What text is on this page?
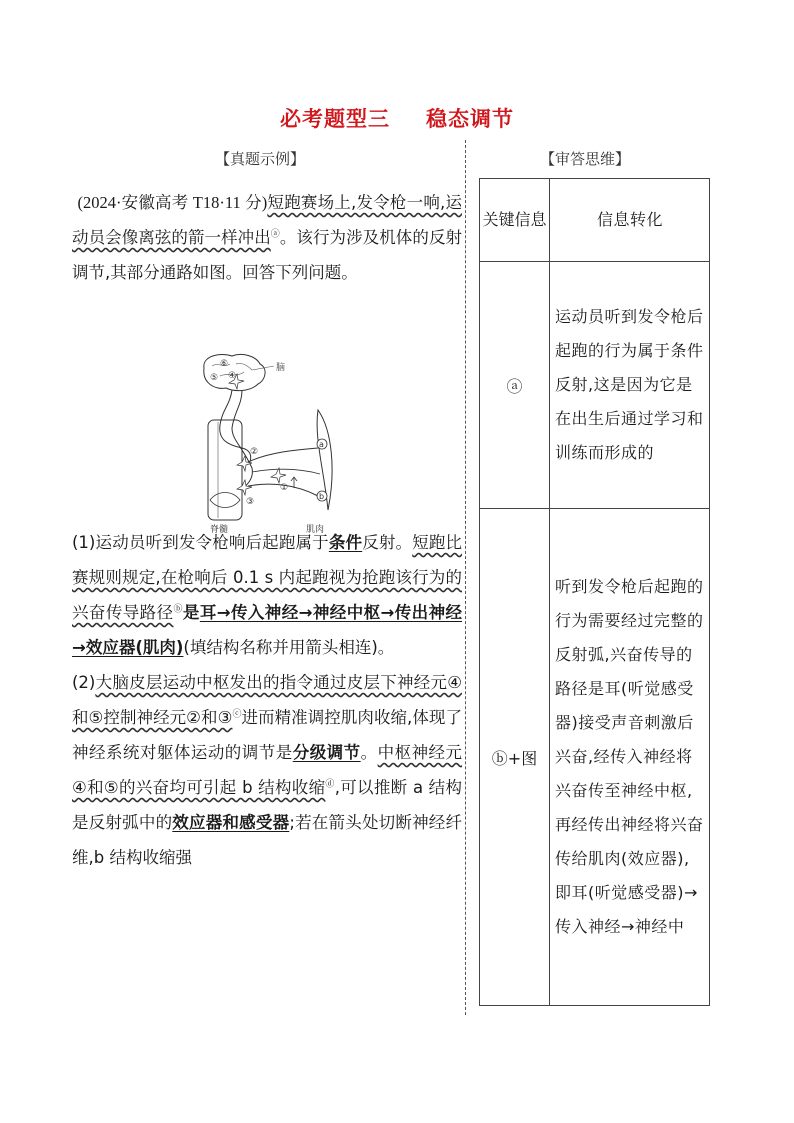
必考题型三 稳态调节
【真题示例】	【审答思维】

(2024·安徽高考 T18·11 分)短跑赛场上,发令枪一响,运动员会像离弦的箭一样冲出ⓐ。该行为涉及机体的反射调节,其部分通路如图。回答下列问题。

脑
脊髓	肌肉
a
b
⑥
⑤ ④
②
③
①

(1)运动员听到发令枪响后起跑属于条件反射。短跑比赛规则规定,在枪响后 0.1 s 内起跑视为抢跑该行为的兴奋传导路径ⓑ是耳→传入神经→神经中枢→传出神经→效应器(肌肉)(填结构名称并用箭头相连)。

(2)大脑皮层运动中枢发出的指令通过皮层下神经元④和⑤控制神经元②和③ⓒ进而精准调控肌肉收缩,体现了神经系统对躯体运动的调节是分级调节。中枢神经元④和⑤的兴奋均可引起 b 结构收缩ⓓ,可以推断 a 结构是反射弧中的效应器和感受器;若在箭头处切断神经纤维,b 结构收缩强

关键信息	信息转化
ⓐ	运动员听到发令枪后起跑的行为属于条件反射,这是因为它是在出生后通过学习和训练而形成的
ⓑ+图	听到发令枪后起跑的行为需要经过完整的反射弧,兴奋传导的路径是耳(听觉感受器)接受声音刺激后兴奋,经传入神经将兴奋传至神经中枢,再经传出神经将兴奋传给肌肉(效应器),即耳(听觉感受器)→传入神经→神经中
